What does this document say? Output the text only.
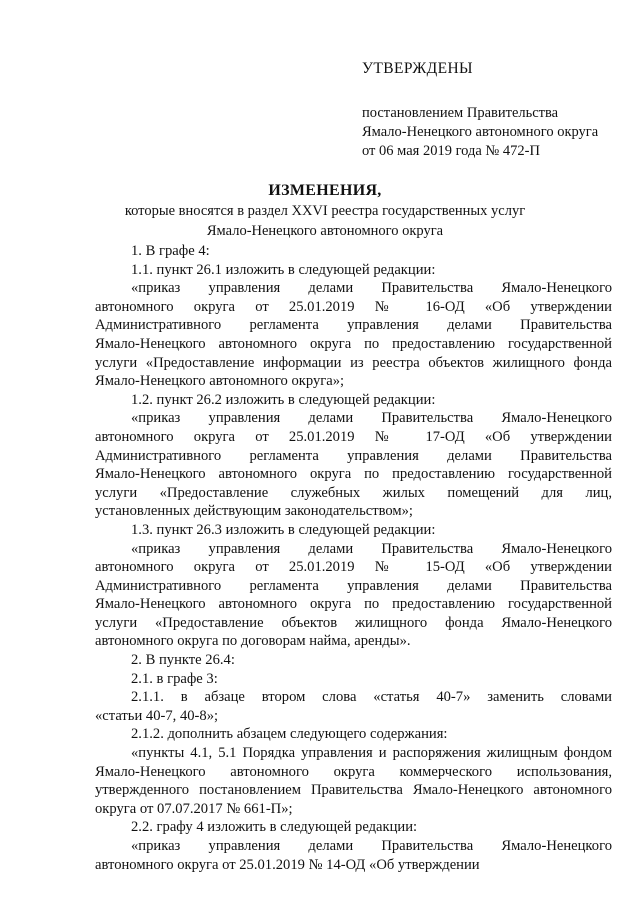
УТВЕРЖДЕНЫ
постановлением Правительства
Ямало-Ненецкого автономного округа
от 06 мая 2019 года № 472-П
ИЗМЕНЕНИЯ,
которые вносятся в раздел XXVI реестра государственных услуг
Ямало-Ненецкого автономного округа
1. В графе 4:
1.1. пункт 26.1 изложить в следующей редакции:
«приказ управления делами Правительства Ямало-Ненецкого
автономного округа от 25.01.2019 № 16-ОД «Об утверждении
Административного регламента управления делами Правительства
Ямало-Ненецкого автономного округа по предоставлению государственной
услуги «Предоставление информации из реестра объектов жилищного фонда
Ямало-Ненецкого автономного округа»;
1.2. пункт 26.2 изложить в следующей редакции:
«приказ управления делами Правительства Ямало-Ненецкого
автономного округа от 25.01.2019 № 17-ОД «Об утверждении
Административного регламента управления делами Правительства
Ямало-Ненецкого автономного округа по предоставлению государственной
услуги «Предоставление служебных жилых помещений для лиц,
установленных действующим законодательством»;
1.3. пункт 26.3 изложить в следующей редакции:
«приказ управления делами Правительства Ямало-Ненецкого
автономного округа от 25.01.2019 № 15-ОД «Об утверждении
Административного регламента управления делами Правительства
Ямало-Ненецкого автономного округа по предоставлению государственной
услуги «Предоставление объектов жилищного фонда Ямало-Ненецкого
автономного округа по договорам найма, аренды».
2. В пункте 26.4:
2.1. в графе 3:
2.1.1. в абзаце втором слова «статья 40-7» заменить словами
«статьи 40-7, 40-8»;
2.1.2. дополнить абзацем следующего содержания:
«пункты 4.1, 5.1 Порядка управления и распоряжения жилищным фондом
Ямало-Ненецкого автономного округа коммерческого использования,
утвержденного постановлением Правительства Ямало-Ненецкого автономного
округа от 07.07.2017 № 661-П»;
2.2. графу 4 изложить в следующей редакции:
«приказ управления делами Правительства Ямало-Ненецкого
автономного округа от 25.01.2019 № 14-ОД «Об утверждении
